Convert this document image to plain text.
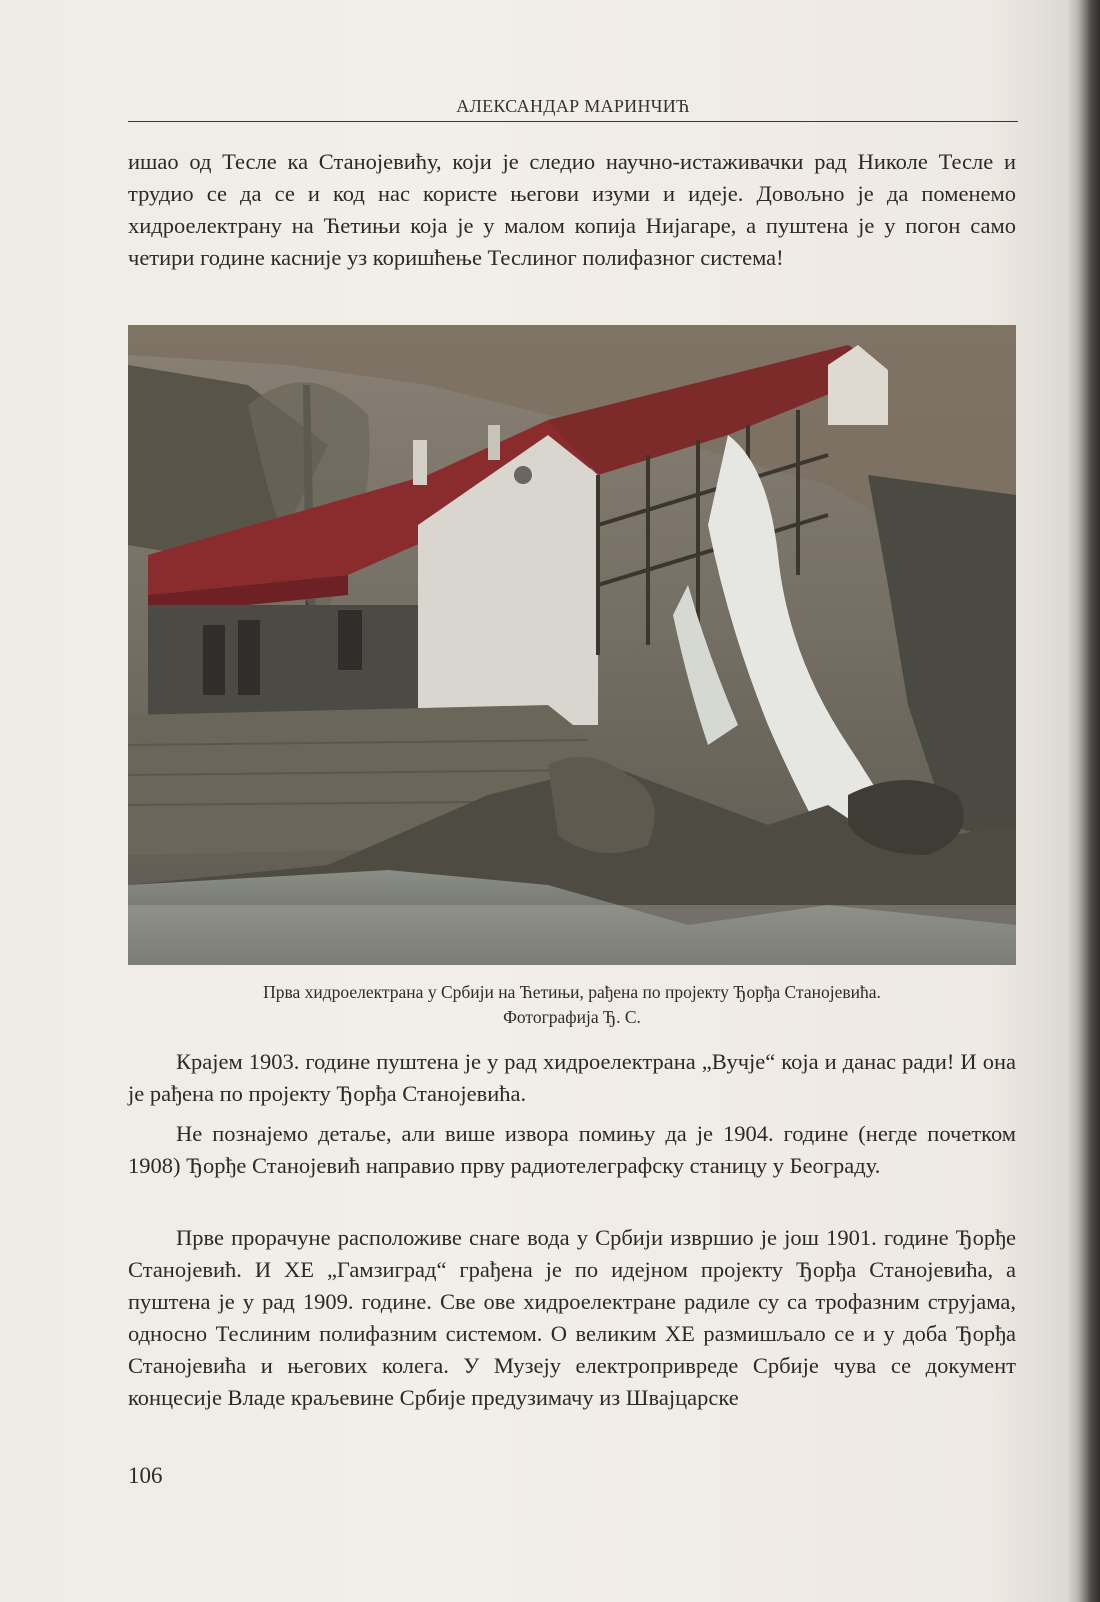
АЛЕКСАНДАР МАРИНЧИЋ

ишао од Тесле ка Станојевићу, који је следио научно-истаживачки рад Николе Тесле и трудио се да се и код нас користе његови изуми и идеје. Довољно је да поменемо хидроелектрану на Ћетињи која је у малом копија Нијагаре, а пуштена је у погон само четири године касније уз коришћење Теслиног полифазног система!

Прва хидроелектрана у Србији на Ћетињи, рађена по пројекту Ђорђа Станојевића.
Фотографија Ђ. С.

Крајем 1903. године пуштена је у рад хидроелектрана „Вучје“ која и данас ради! И она је рађена по пројекту Ђорђа Станојевића.

Не познајемо детаље, али више извора помињу да је 1904. године (негде почетком 1908) Ђорђе Станојевић направио прву радиотелеграфску станицу у Београду.

Прве прорачуне расположиве снаге вода у Србији извршио је још 1901. године Ђорђе Станојевић. И ХЕ „Гамзиград“ грађена је по идејном пројекту Ђорђа Станојевића, а пуштена је у рад 1909. године. Све ове хидроелектране радиле су са трофазним струјама, односно Теслиним полифазним системом. О великим ХЕ размишљало се и у доба Ђорђа Станојевића и његових колега. У Музеју електропривреде Србије чува се документ концесије Владе краљевине Србије предузимачу из Швајцарске

106
